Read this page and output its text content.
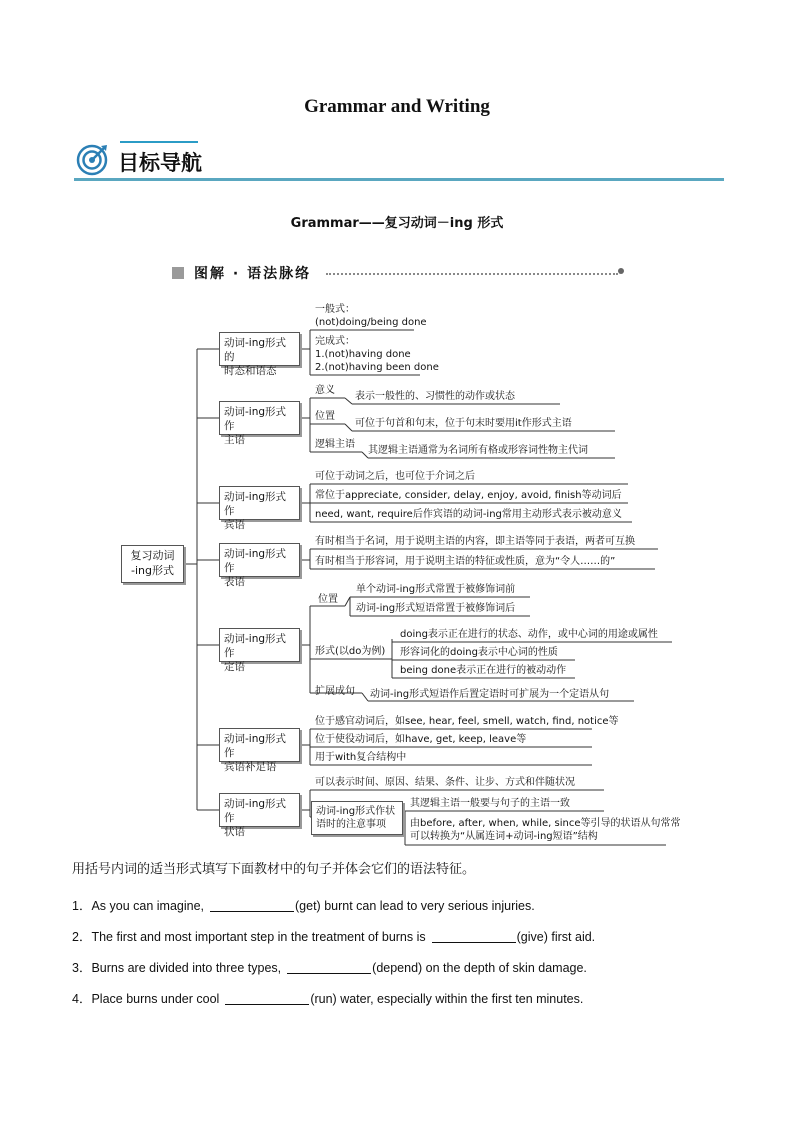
Grammar and Writing
目标导航
Grammar——复习动词－ing 形式
图解 · 语法脉络
复习动词
-ing形式
动词-ing形式的
时态和语态
动词-ing形式作
主语
动词-ing形式作
宾语
动词-ing形式作
表语
动词-ing形式作
定语
动词-ing形式作
宾语补足语
动词-ing形式作
状语
动词-ing形式作状
语时的注意事项
一般式：
(not)doing/being done
完成式：
1.(not)having done
2.(not)having been done
意义
表示一般性的、习惯性的动作或状态
位置
可位于句首和句末，位于句末时要用it作形式主语
逻辑主语
其逻辑主语通常为名词所有格或形容词性物主代词
可位于动词之后，也可位于介词之后
常位于appreciate, consider, delay, enjoy, avoid, finish等动词后
need, want, require后作宾语的动词-ing常用主动形式表示被动意义
有时相当于名词，用于说明主语的内容，即主语等同于表语，两者可互换
有时相当于形容词，用于说明主语的特征或性质，意为“令人……的”
位置
单个动词-ing形式常置于被修饰词前
动词-ing形式短语常置于被修饰词后
形式(以do为例)
doing表示正在进行的状态、动作，或中心词的用途或属性
形容词化的doing表示中心词的性质
being done表示正在进行的被动动作
扩展成句 动词-ing形式短语作后置定语时可扩展为一个定语从句
位于感官动词后，如see, hear, feel, smell, watch, find, notice等
位于使役动词后，如have, get, keep, leave等
用于with复合结构中
可以表示时间、原因、结果、条件、让步、方式和伴随状况
其逻辑主语一般要与句子的主语一致
由before, after, when, while, since等引导的状语从句常常
可以转换为“从属连词+动词-ing短语”结构
用括号内词的适当形式填写下面教材中的句子并体会它们的语法特征。
1．As you can imagine,	(get) burnt can lead to very serious injuries.
2．The first and most important step in the treatment of burns is	(give) first aid.
3．Burns are divided into three types,	(depend) on the depth of skin damage.
4．Place burns under cool	(run) water, especially within the first ten minutes.
